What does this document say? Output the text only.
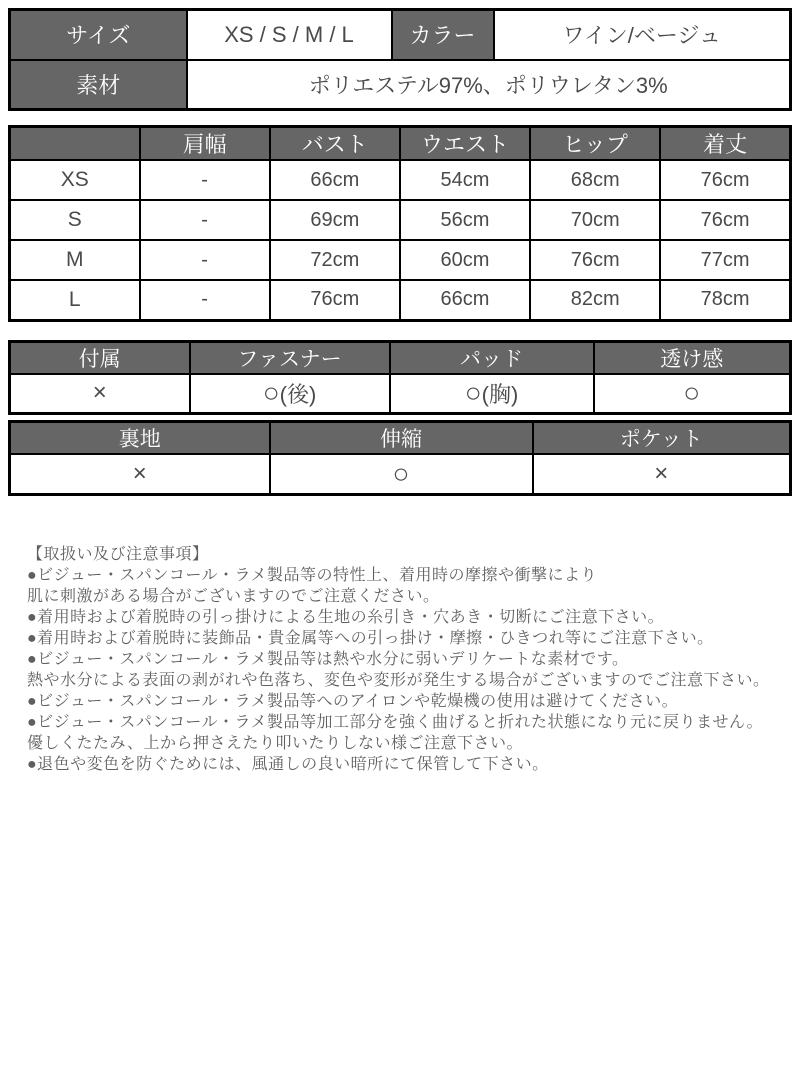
サイズ	XS / S / M / L	カラー	ワイン/ベージュ
素材	ポリエステル97%、ポリウレタン3%		
	肩幅	バスト	ウエスト	ヒップ	着丈
XS	-	66cm	54cm	68cm	76cm
S	-	69cm	56cm	70cm	76cm
M	-	72cm	60cm	76cm	77cm
L	-	76cm	66cm	82cm	78cm
付属	ファスナー	パッド	透け感
×	○(後)	○(胸)	○
裏地	伸縮	ポケット
×	○	×
【取扱い及び注意事項】
●ビジュー・スパンコール・ラメ製品等の特性上、着用時の摩擦や衝撃により
肌に刺激がある場合がございますのでご注意ください。
●着用時および着脱時の引っ掛けによる生地の糸引き・穴あき・切断にご注意下さい。
●着用時および着脱時に装飾品・貴金属等への引っ掛け・摩擦・ひきつれ等にご注意下さい。
●ビジュー・スパンコール・ラメ製品等は熱や水分に弱いデリケートな素材です。
熱や水分による表面の剥がれや色落ち、変色や変形が発生する場合がございますのでご注意下さい。
●ビジュー・スパンコール・ラメ製品等へのアイロンや乾燥機の使用は避けてください。
●ビジュー・スパンコール・ラメ製品等加工部分を強く曲げると折れた状態になり元に戻りません。
優しくたたみ、上から押さえたり叩いたりしない様ご注意下さい。
●退色や変色を防ぐためには、風通しの良い暗所にて保管して下さい。
